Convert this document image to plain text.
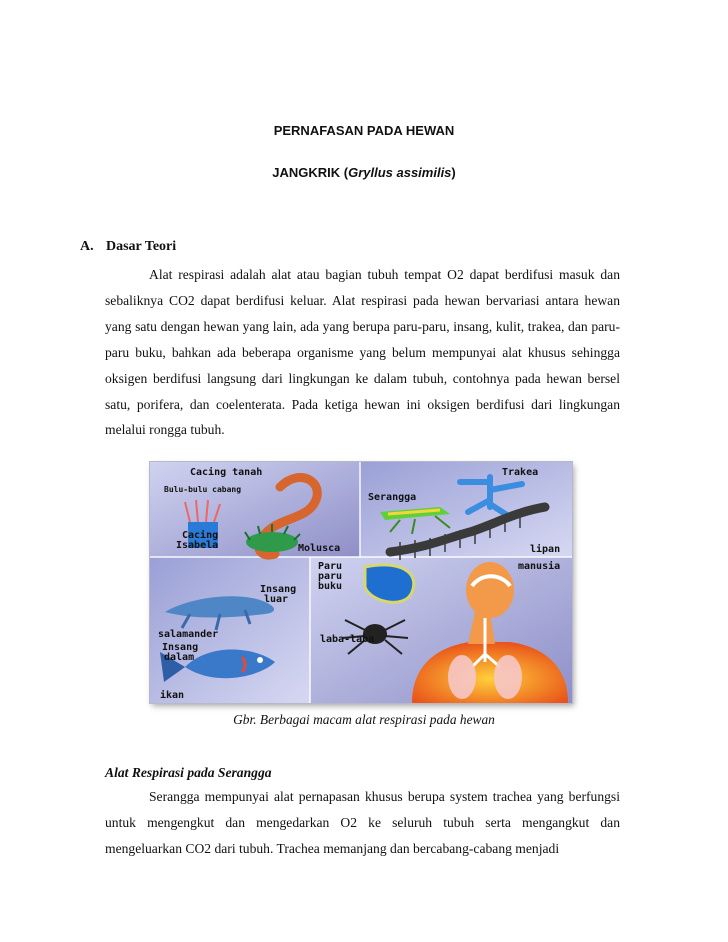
PERNAFASAN PADA HEWAN
JANGKRIK (Gryllus assimilis)
A. Dasar Teori
Alat respirasi adalah alat atau bagian tubuh tempat O2 dapat berdifusi masuk dan sebaliknya CO2 dapat berdifusi keluar. Alat respirasi pada hewan bervariasi antara hewan yang satu dengan hewan yang lain, ada yang berupa paru-paru, insang, kulit, trakea, dan paru-paru buku, bahkan ada beberapa organisme yang belum mempunyai alat khusus sehingga oksigen berdifusi langsung dari lingkungan ke dalam tubuh, contohnya pada hewan bersel satu, porifera, dan coelenterata. Pada ketiga hewan ini oksigen berdifusi dari lingkungan melalui rongga tubuh.
Cacing tanah
Bulu-bulu cabang
Cacing
Isabela	Molusca
Serangga
Trakea
lipan
Paru
paru
buku
manusia
Insang
luar
salamander	laba-laba
Insang
dalam
ikan
Gbr. Berbagai macam alat respirasi pada hewan
Alat Respirasi pada Serangga
Serangga mempunyai alat pernapasan khusus berupa system trachea yang berfungsi untuk mengengkut dan mengedarkan O2 ke seluruh tubuh serta mengangkut dan mengeluarkan CO2 dari tubuh. Trachea memanjang dan bercabang-cabang menjadi
